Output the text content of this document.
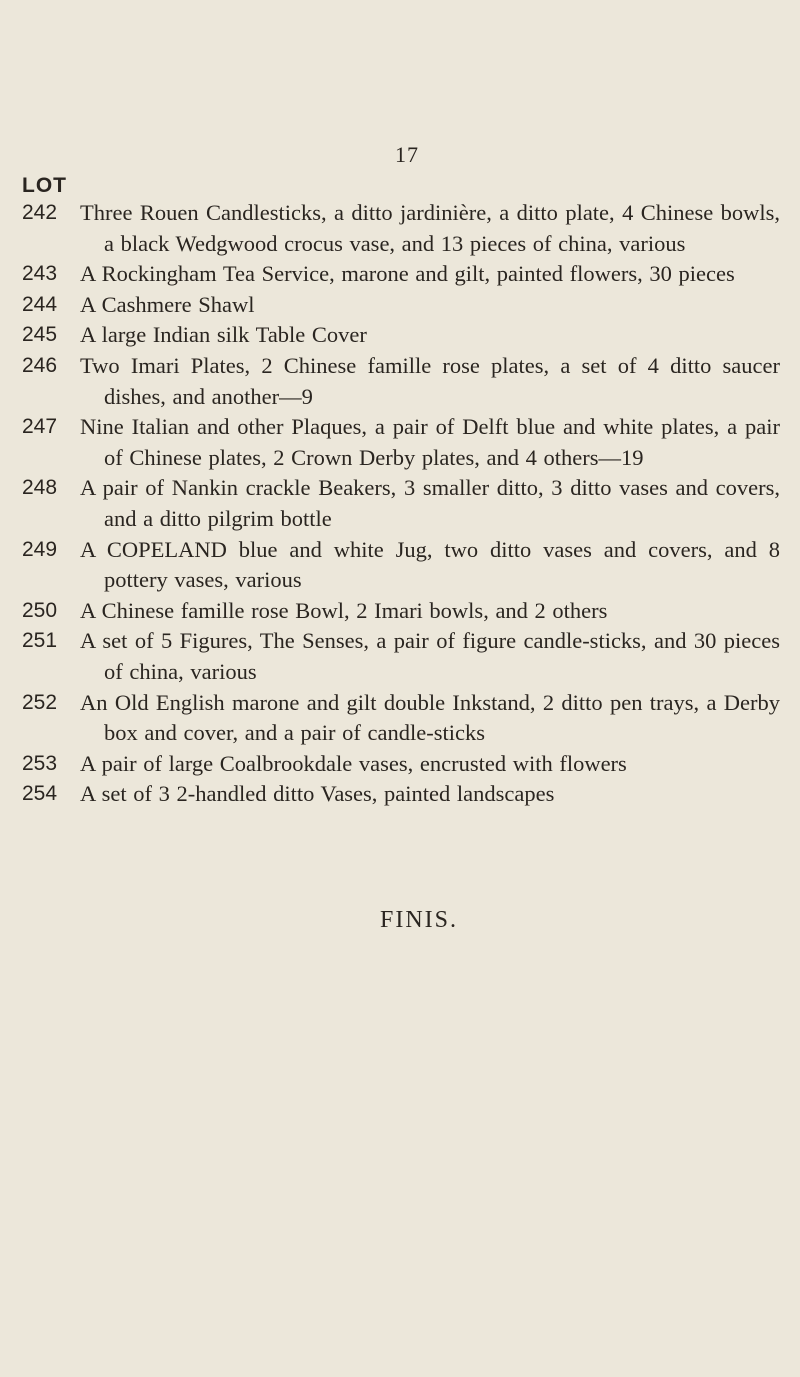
17
LOT
242	Three Rouen Candlesticks, a ditto jardinière, a ditto plate, 4 Chinese bowls, a black Wedgwood crocus vase, and 13 pieces of china, various
243	A Rockingham Tea Service, marone and gilt, painted flowers, 30 pieces
244	A Cashmere Shawl
245	A large Indian silk Table Cover
246	Two Imari Plates, 2 Chinese famille rose plates, a set of 4 ditto saucer dishes, and another—9
247	Nine Italian and other Plaques, a pair of Delft blue and white plates, a pair of Chinese plates, 2 Crown Derby plates, and 4 others—19
248	A pair of Nankin crackle Beakers, 3 smaller ditto, 3 ditto vases and covers, and a ditto pilgrim bottle
249	A COPELAND blue and white Jug, two ditto vases and covers, and 8 pottery vases, various
250	A Chinese famille rose Bowl, 2 Imari bowls, and 2 others
251	A set of 5 Figures, The Senses, a pair of figure candle-sticks, and 30 pieces of china, various
252	An Old English marone and gilt double Inkstand, 2 ditto pen trays, a Derby box and cover, and a pair of candle-sticks
253	A pair of large Coalbrookdale vases, encrusted with flowers
254	A set of 3 2-handled ditto Vases, painted landscapes
FINIS.
